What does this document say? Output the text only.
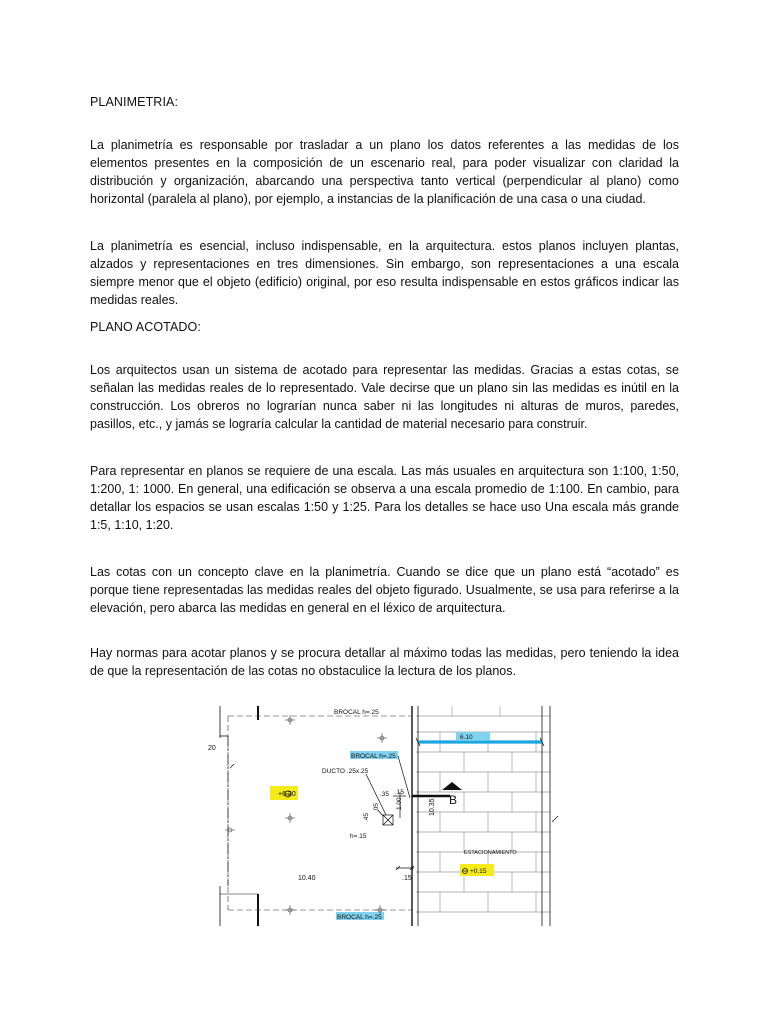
PLANIMETRIA:

La planimetría es responsable por trasladar a un plano los datos referentes a las medidas de los elementos presentes en la composición de un escenario real, para poder visualizar con claridad la distribución y organización, abarcando una perspectiva tanto vertical (perpendicular al plano) como horizontal (paralela al plano), por ejemplo, a instancias de la planificación de una casa o una ciudad.

La planimetría es esencial, incluso indispensable, en la arquitectura. estos planos incluyen plantas, alzados y representaciones en tres dimensiones. Sin embargo, son representaciones a una escala siempre menor que el objeto (edificio) original, por eso resulta indispensable en estos gráficos indicar las medidas reales.

PLANO ACOTADO:

Los arquitectos usan un sistema de acotado para representar las medidas. Gracias a estas cotas, se señalan las medidas reales de lo representado. Vale decirse que un plano sin las medidas es inútil en la construcción. Los obreros no lograrían nunca saber ni las longitudes ni alturas de muros, paredes, pasillos, etc., y jamás se lograría calcular la cantidad de material necesario para construir.

Para representar en planos se requiere de una escala. Las más usuales en arquitectura son 1:100, 1:50, 1:200, 1: 1000. En general, una edificación se observa a una escala promedio de 1:100. En cambio, para detallar los espacios se usan escalas 1:50 y 1:25. Para los detalles se hace uso Una escala más grande 1:5, 1:10, 1:20.

Las cotas con un concepto clave en la planimetría. Cuando se dice que un plano está “acotado” es porque tiene representadas las medidas reales del objeto figurado. Usualmente, se usa para referirse a la elevación, pero abarca las medidas en general en el léxico de arquitectura.

Hay normas para acotar planos y se procura detallar al máximo todas las medidas, pero teniendo la idea de que la representación de las cotas no obstaculice la lectura de los planos.

BROCAL h=.25
BROCAL h=.25
BROCAL h=.25
DUCTO .25x.25
20
+6.20	.35 .15
.45
.05 1.00
h=.15
10.35 B
6.10
ESTACIONAMIENTO
+0.15
10.40	.15
